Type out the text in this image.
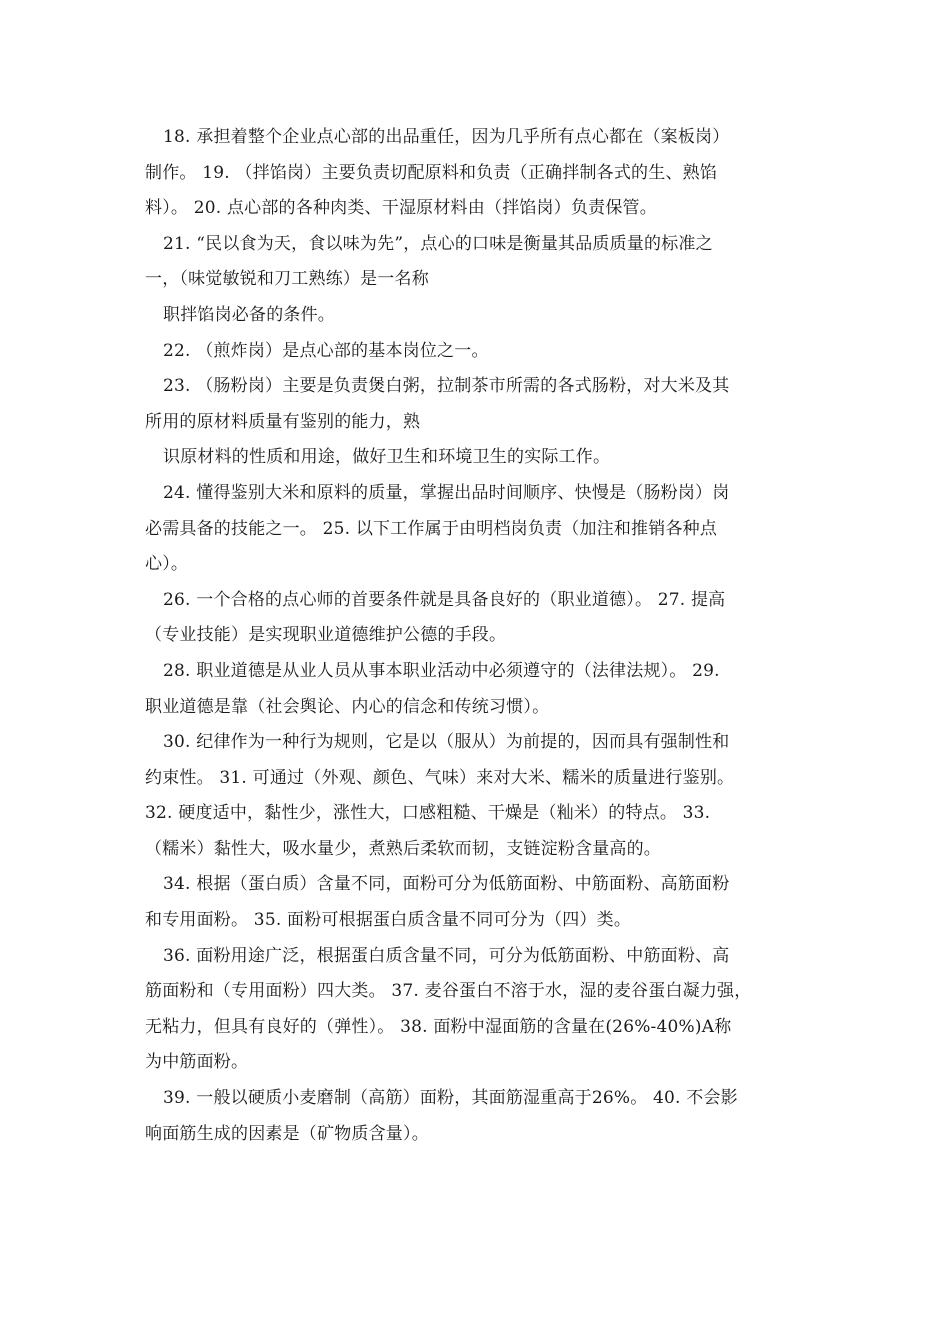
18. 承担着整个企业点心部的出品重任，因为几乎所有点心都在（案板岗）
制作。 19. （拌馅岗）主要负责切配原料和负责（正确拌制各式的生、熟馅
料）。 20. 点心部的各种肉类、干湿原材料由（拌馅岗）负责保管。
21. “民以食为天，食以味为先”，点心的口味是衡量其品质质量的标准之
一，（味觉敏锐和刀工熟练）是一名称
职拌馅岗必备的条件。
22. （煎炸岗）是点心部的基本岗位之一。
23. （肠粉岗）主要是负责煲白粥，拉制茶市所需的各式肠粉，对大米及其
所用的原材料质量有鉴别的能力，熟
识原材料的性质和用途，做好卫生和环境卫生的实际工作。
24. 懂得鉴别大米和原料的质量，掌握出品时间顺序、快慢是（肠粉岗）岗
必需具备的技能之一。 25. 以下工作属于由明档岗负责（加注和推销各种点
心）。
26. 一个合格的点心师的首要条件就是具备良好的（职业道德）。 27. 提高
（专业技能）是实现职业道德维护公德的手段。
28. 职业道德是从业人员从事本职业活动中必须遵守的（法律法规）。 29.
职业道德是靠（社会舆论、内心的信念和传统习惯）。
30. 纪律作为一种行为规则，它是以（服从）为前提的，因而具有强制性和
约束性。 31. 可通过（外观、颜色、气味）来对大米、糯米的质量进行鉴别。
32. 硬度适中，黏性少，涨性大，口感粗糙、干燥是（籼米）的特点。 33.
（糯米）黏性大，吸水量少，煮熟后柔软而韧，支链淀粉含量高的。
34. 根据（蛋白质）含量不同，面粉可分为低筋面粉、中筋面粉、高筋面粉
和专用面粉。 35. 面粉可根据蛋白质含量不同可分为（四）类。
36. 面粉用途广泛，根据蛋白质含量不同，可分为低筋面粉、中筋面粉、高
筋面粉和（专用面粉）四大类。 37. 麦谷蛋白不溶于水，湿的麦谷蛋白凝力强，
无粘力，但具有良好的（弹性）。 38. 面粉中湿面筋的含量在(26%-40%)A称
为中筋面粉。
39. 一般以硬质小麦磨制（高筋）面粉，其面筋湿重高于26%。 40. 不会影
响面筋生成的因素是（矿物质含量）。
